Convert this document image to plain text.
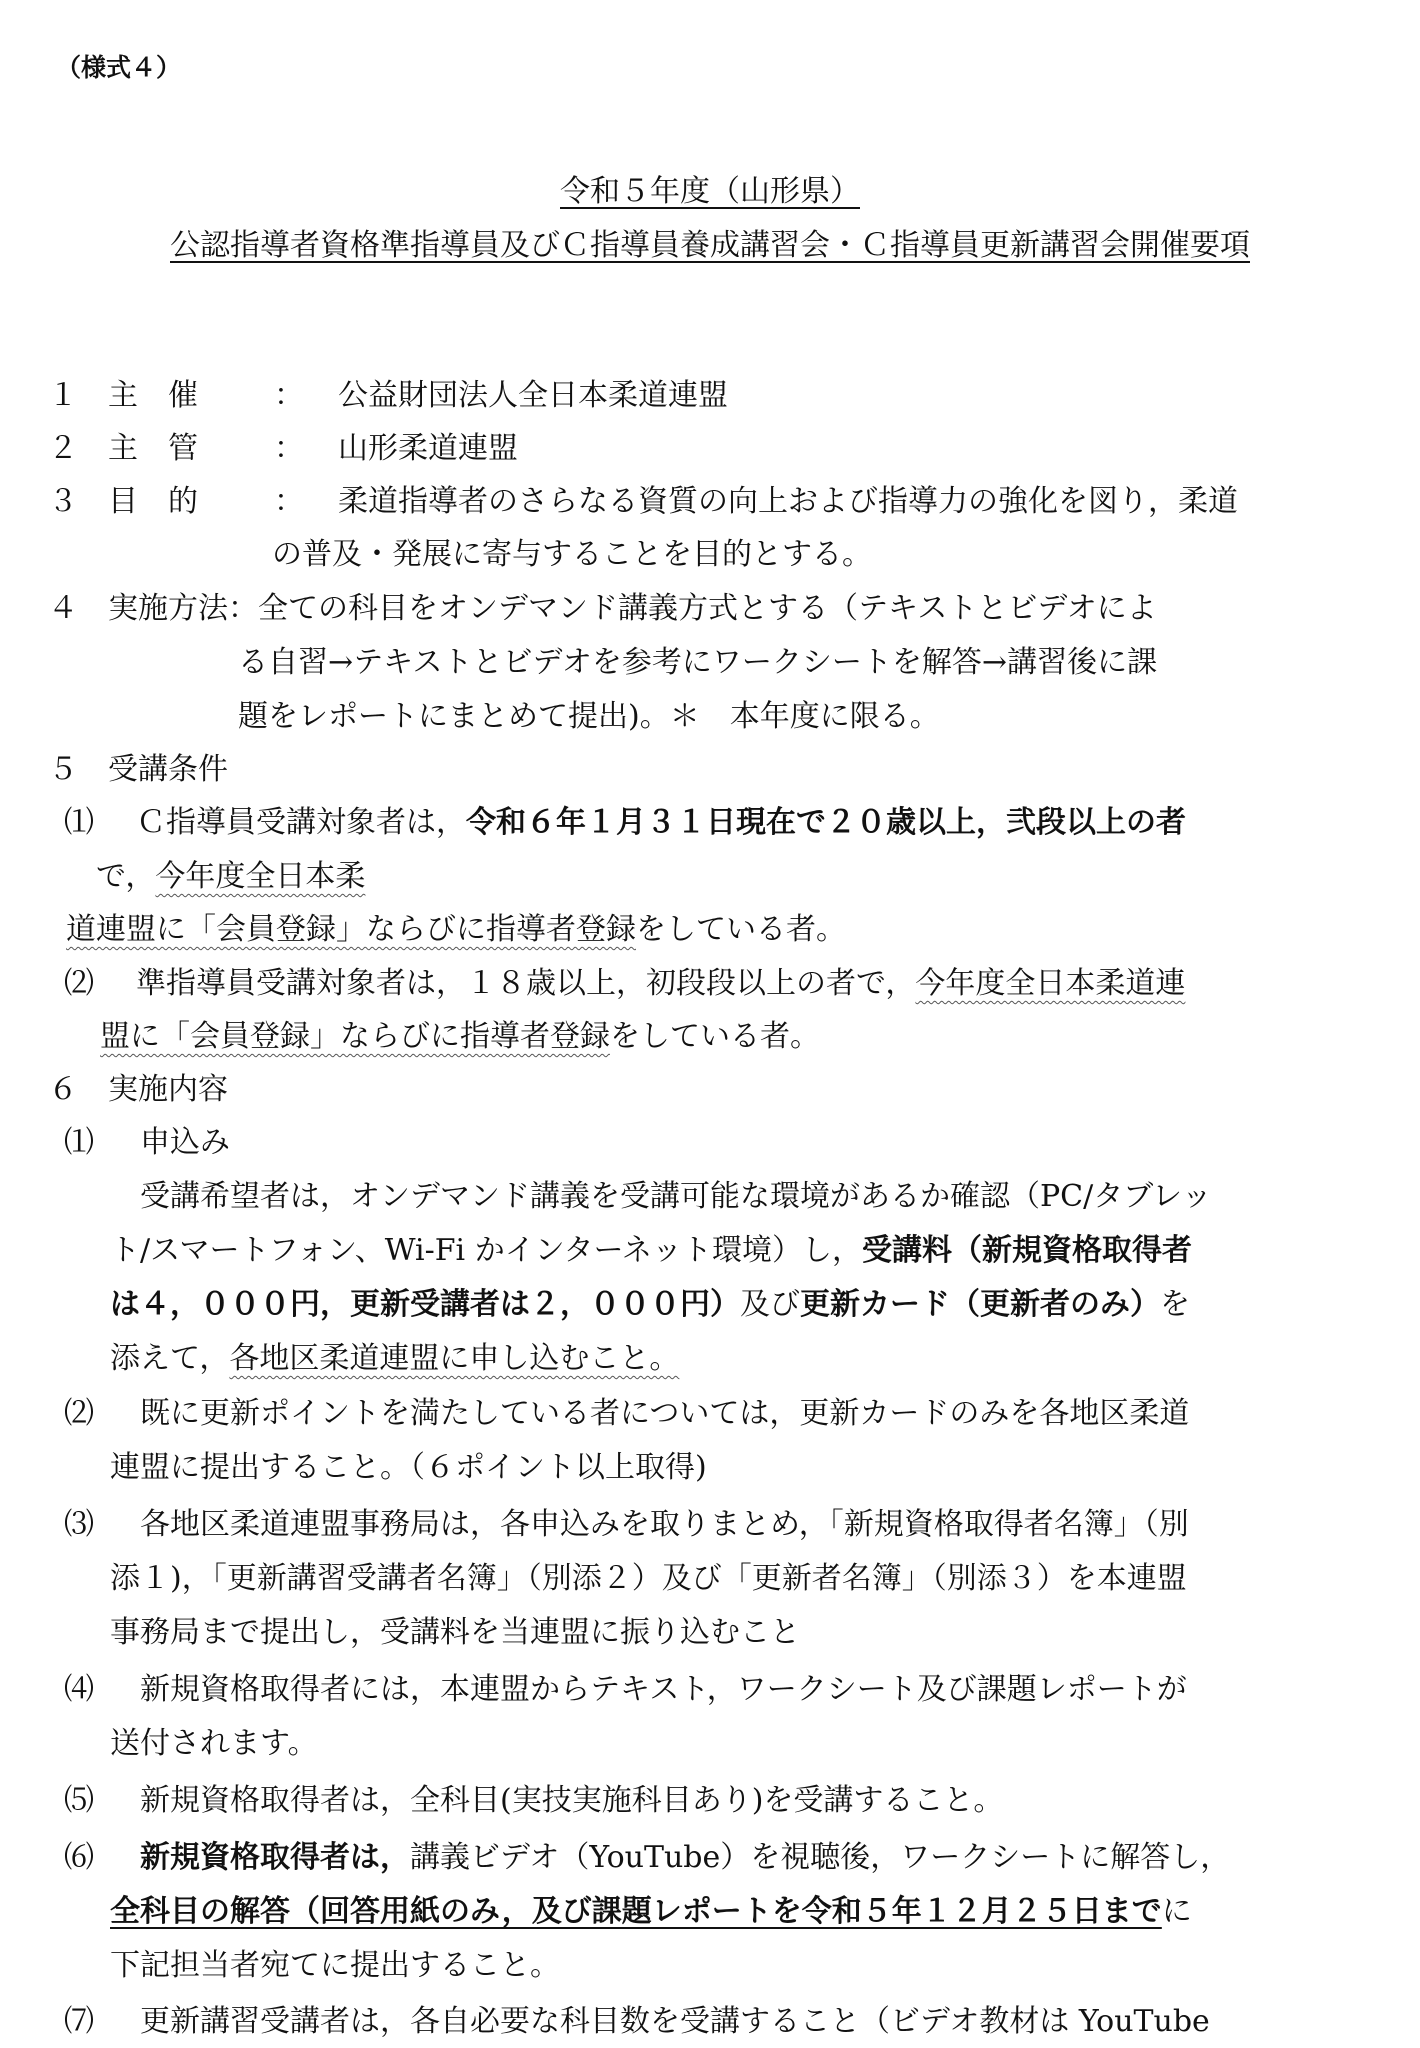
（様式４）
令和５年度（山形県）
公認指導者資格準指導員及びＣ指導員養成講習会・Ｃ指導員更新講習会開催要項
１ 主　催	： 公益財団法人全日本柔道連盟
２ 主　管	： 山形柔道連盟
３ 目　的	： 柔道指導者のさらなる資質の向上および指導力の強化を図り，柔道
の普及・発展に寄与することを目的とする。
４ 実施方法：全ての科目をオンデマンド講義方式とする（テキストとビデオによ
る自習→テキストとビデオを参考にワークシートを解答→講習後に課
題をレポートにまとめて提出)。＊　本年度に限る。
５ 受講条件
⑴ Ｃ指導員受講対象者は，令和６年１月３１日現在で２０歳以上，弐段以上の者
で，今年度全日本柔
道連盟に「会員登録」ならびに指導者登録をしている者。
⑵ 準指導員受講対象者は，１８歳以上，初段段以上の者で，今年度全日本柔道連
盟に「会員登録」ならびに指導者登録をしている者。
６ 実施内容
⑴ 申込み
受講希望者は，オンデマンド講義を受講可能な環境があるか確認（PC/タブレッ
ト/スマートフォン、Wi-Fi かインターネット環境）し，受講料（新規資格取得者
は４，０００円，更新受講者は２，０００円）及び更新カード（更新者のみ）を
添えて，各地区柔道連盟に申し込むこと。
⑵ 既に更新ポイントを満たしている者については，更新カードのみを各地区柔道
連盟に提出すること。（６ポイント以上取得)
⑶ 各地区柔道連盟事務局は，各申込みを取りまとめ，「新規資格取得者名簿」（別
添１)，「更新講習受講者名簿」（別添２）及び「更新者名簿」（別添３）を本連盟
事務局まで提出し，受講料を当連盟に振り込むこと
⑷ 新規資格取得者には，本連盟からテキスト，ワークシート及び課題レポートが
送付されます。
⑸ 新規資格取得者は，全科目(実技実施科目あり)を受講すること。
⑹ 新規資格取得者は，講義ビデオ（YouTube）を視聴後，ワークシートに解答し，
全科目の解答（回答用紙のみ，及び課題レポートを令和５年１２月２５日までに
下記担当者宛てに提出すること。
⑺ 更新講習受講者は，各自必要な科目数を受講すること（ビデオ教材は YouTube
